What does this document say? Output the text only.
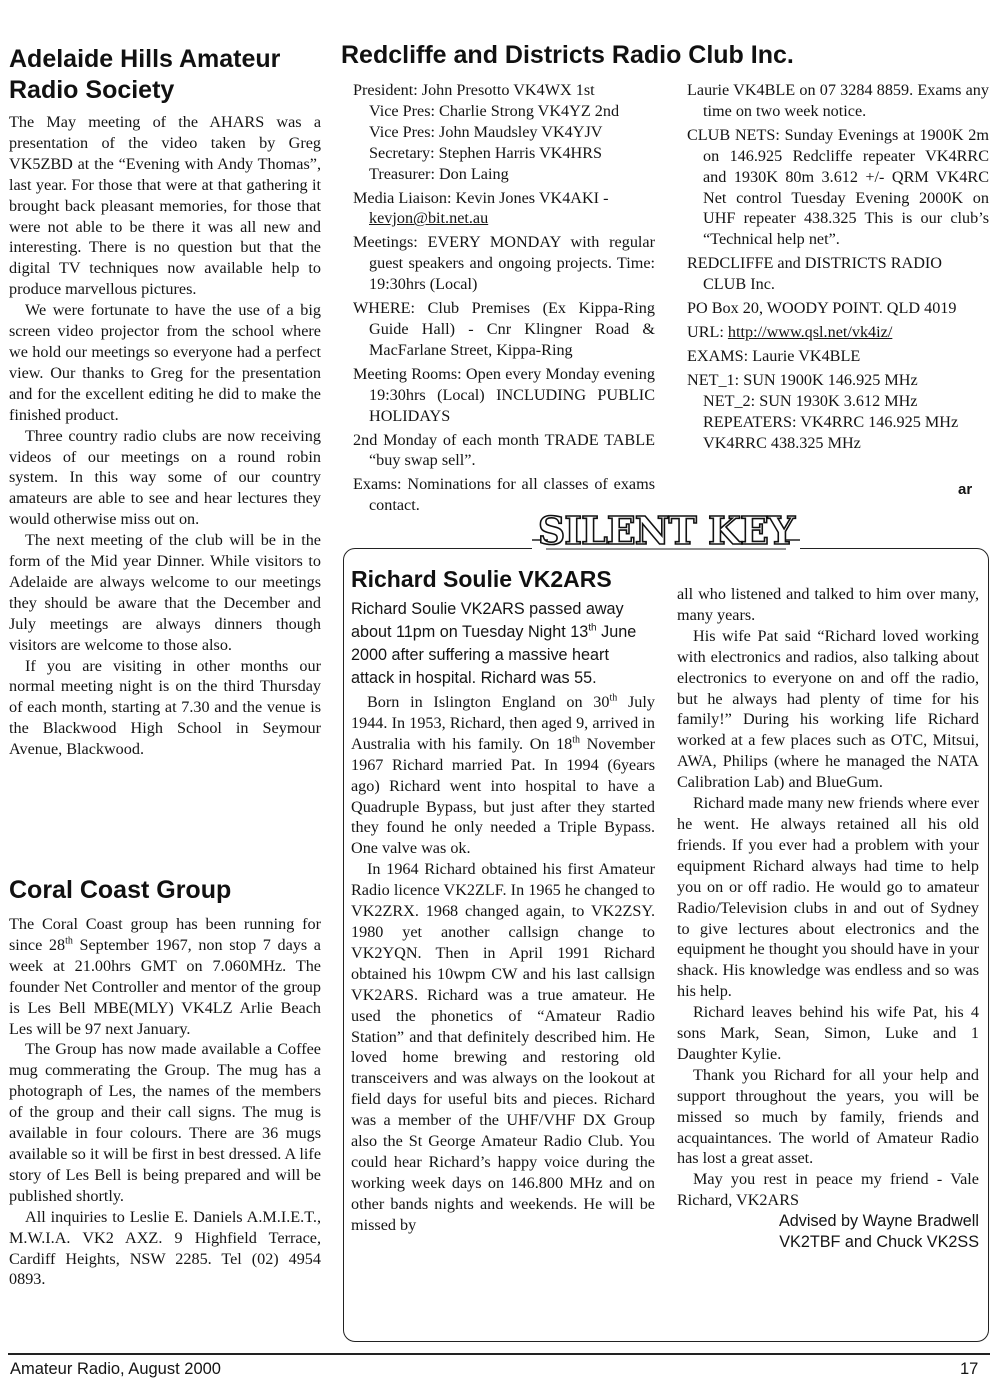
Adelaide Hills Amateur
Radio Society

The May meeting of the AHARS was a presentation of the video taken by Greg VK5ZBD at the “Evening with Andy Thomas”, last year. For those that were at that gathering it brought back pleasant memories, for those that were not able to be there it was all new and interesting. There is no question but that the digital TV techniques now available help to produce marvellous pictures.

We were fortunate to have the use of a big screen video projector from the school where we hold our meetings so everyone had a perfect view. Our thanks to Greg for the presentation and for the excellent editing he did to make the finished product.

Three country radio clubs are now receiving videos of our meetings on a round robin system. In this way some of our country amateurs are able to see and hear lectures they would otherwise miss out on.

The next meeting of the club will be in the form of the Mid year Dinner. While visitors to Adelaide are always welcome to our meetings they should be aware that the December and July meetings are always dinners though visitors are welcome to those also.

If you are visiting in other months our normal meeting night is on the third Thursday of each month, starting at 7.30 and the venue is the Blackwood High School in Seymour Avenue, Blackwood.

Coral Coast Group

The Coral Coast group has been running for since 28th September 1967, non stop 7 days a week at 21.00hrs GMT on 7.060MHz. The founder Net Controller and mentor of the group is Les Bell MBE(MLY) VK4LZ Arlie Beach Les will be 97 next January.

The Group has now made available a Coffee mug commerating the Group. The mug has a photograph of Les, the names of the members of the group and their call signs. The mug is available in four colours. There are 36 mugs available so it will be first in best dressed. A life story of Les Bell is being prepared and will be published shortly.

All inquiries to Leslie E. Daniels A.M.I.E.T., M.W.I.A. VK2 AXZ. 9 Highfield Terrace, Cardiff Heights, NSW 2285. Tel (02) 4954 0893.

Redcliffe and Districts Radio Club Inc.

President: John Presotto VK4WX 1st

Vice Pres: Charlie Strong VK4YZ 2nd

Vice Pres: John Maudsley VK4YJV

Secretary: Stephen Harris VK4HRS

Treasurer: Don Laing

Media Liaison: Kevin Jones VK4AKI - kevjon@bit.net.au

Meetings: EVERY MONDAY with regular guest speakers and ongoing projects. Time: 19:30hrs (Local)

WHERE: Club Premises (Ex Kippa-Ring Guide Hall) - Cnr Klingner Road & MacFarlane Street, Kippa-Ring

Meeting Rooms: Open every Monday evening 19:30hrs (Local) INCLUDING PUBLIC HOLIDAYS

2nd Monday of each month TRADE TABLE “buy swap sell”.

Exams: Nominations for all classes of exams contact.

Laurie VK4BLE on 07 3284 8859. Exams any time on two week notice.

CLUB NETS: Sunday Evenings at 1900K 2m on 146.925 Redcliffe repeater VK4RRC and 1930K 80m 3.612 +/- QRM VK4RC Net control Tuesday Evening 2000K on UHF repeater 438.325 This is our club’s “Technical help net”.

REDCLIFFE and DISTRICTS RADIO CLUB Inc.

PO Box 20, WOODY POINT. QLD 4019

URL: http://www.qsl.net/vk4iz/

EXAMS: Laurie VK4BLE

NET_1: SUN 1900K 146.925 MHz

NET_2: SUN 1930K 3.612 MHz

REPEATERS: VK4RRC 146.925 MHz

VK4RRC 438.325 MHz

ar
SILENT KEY
Richard Soulie VK2ARS

Richard Soulie VK2ARS passed away about 11pm on Tuesday Night 13th June 2000 after suffering a massive heart attack in hospital. Richard was 55.

Born in Islington England on 30th July 1944. In 1953, Richard, then aged 9, arrived in Australia with his family. On 18th November 1967 Richard married Pat. In 1994 (6years ago) Richard went into hospital to have a Quadruple Bypass, but just after they started they found he only needed a Triple Bypass. One valve was ok.

In 1964 Richard obtained his first Amateur Radio licence VK2ZLF. In 1965 he changed to VK2ZRX. 1968 changed again, to VK2ZSY. 1980 yet another callsign change to VK2YQN. Then in April 1991 Richard obtained his 10wpm CW and his last callsign VK2ARS. Richard was a true amateur. He used the phonetics of “Amateur Radio Station” and that definitely described him. He loved home brewing and restoring old transceivers and was always on the lookout at field days for useful bits and pieces. Richard was a member of the UHF/VHF DX Group also the St George Amateur Radio Club. You could hear Richard’s happy voice during the working week days on 146.800 MHz and on other bands nights and weekends. He will be missed by

all who listened and talked to him over many, many years.

His wife Pat said “Richard loved working with electronics and radios, also talking about electronics to everyone on and off the radio, but he always had plenty of time for his family!” During his working life Richard worked at a few places such as OTC, Mitsui, AWA, Philips (where he managed the NATA Calibration Lab) and BlueGum.

Richard made many new friends where ever he went. He always retained all his old friends. If you ever had a problem with your equipment Richard always had time to help you on or off radio. He would go to amateur Radio/Television clubs in and out of Sydney to give lectures about electronics and the equipment he thought you should have in your shack. His knowledge was endless and so was his help.

Richard leaves behind his wife Pat, his 4 sons Mark, Sean, Simon, Luke and 1 Daughter Kylie.

Thank you Richard for all your help and support throughout the years, you will be missed so much by family, friends and acquaintances. The world of Amateur Radio has lost a great asset.

May you rest in peace my friend - Vale Richard, VK2ARS

Advised by Wayne Bradwell

VK2TBF and Chuck VK2SS

Amateur Radio, August 2000	17
